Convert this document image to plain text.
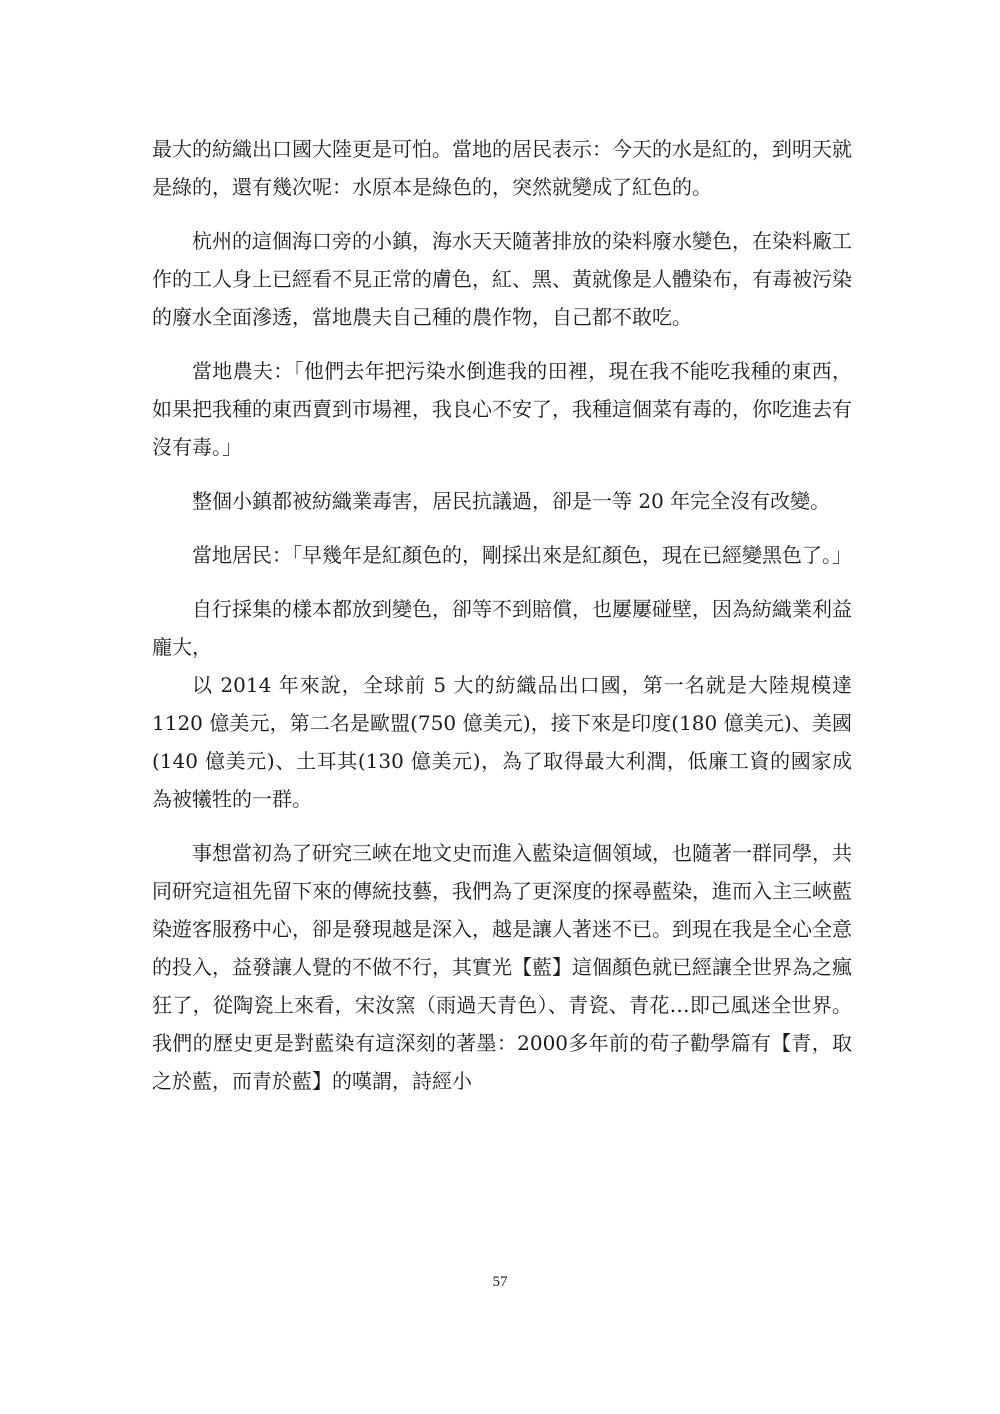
最大的紡織出口國大陸更是可怕。當地的居民表示：今天的水是紅的，到明天就是綠的，還有幾次呢：水原本是綠色的，突然就變成了紅色的。

杭州的這個海口旁的小鎮，海水天天隨著排放的染料廢水變色，在染料廠工作的工人身上已經看不見正常的膚色，紅、黑、黃就像是人體染布，有毒被污染的廢水全面滲透，當地農夫自己種的農作物，自己都不敢吃。

當地農夫：「他們去年把污染水倒進我的田裡，現在我不能吃我種的東西，如果把我種的東西賣到市場裡，我良心不安了，我種這個菜有毒的，你吃進去有沒有毒。」

整個小鎮都被紡織業毒害，居民抗議過，卻是一等 20 年完全沒有改變。

當地居民：「早幾年是紅顏色的，剛採出來是紅顏色，現在已經變黑色了。」

自行採集的樣本都放到變色，卻等不到賠償，也屢屢碰壁，因為紡織業利益龐大，

以 2014 年來說，全球前 5 大的紡織品出口國，第一名就是大陸規模達 1120 億美元，第二名是歐盟(750 億美元)，接下來是印度(180 億美元)、美國(140 億美元)、土耳其(130 億美元)，為了取得最大利潤，低廉工資的國家成為被犧牲的一群。

事想當初為了研究三峽在地文史而進入藍染這個領域，也隨著一群同學，共同研究這祖先留下來的傳統技藝，我們為了更深度的探尋藍染，進而入主三峽藍染遊客服務中心，卻是發現越是深入，越是讓人著迷不已。到現在我是全心全意的投入，益發讓人覺的不做不行，其實光【藍】這個顏色就已經讓全世界為之瘋狂了，從陶瓷上來看，宋汝窯（雨過天青色）、青瓷、青花…即己風迷全世界。我們的歷史更是對藍染有這深刻的著墨：2000多年前的荀子勸學篇有【青，取之於藍，而青於藍】的嘆謂，詩經小

57
